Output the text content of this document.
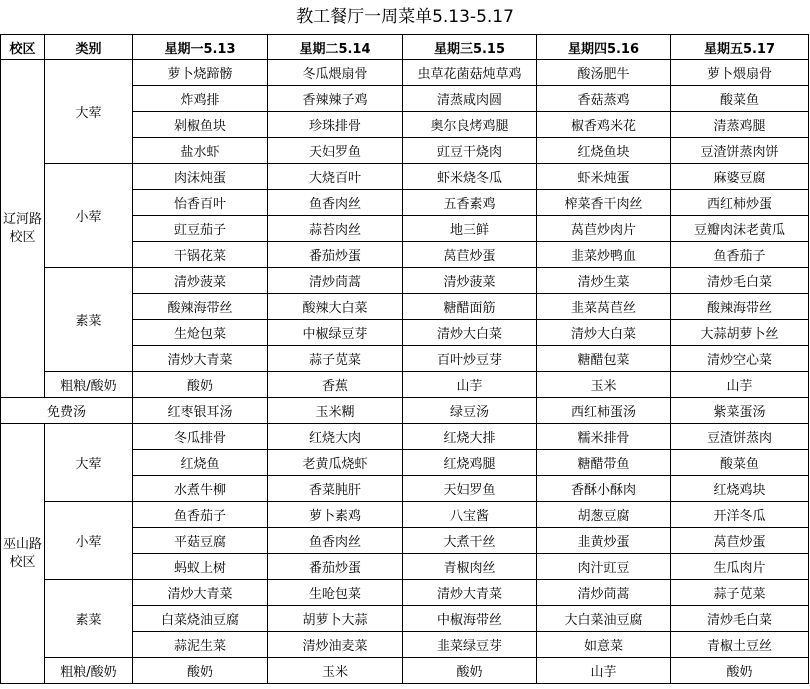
教工餐厅一周菜单5.13-5.17
校区	类别	星期一5.13	星期二5.14	星期三5.15	星期四5.16	星期五5.17
辽河路校区	大荤	萝卜烧蹄髈	冬瓜煨扇骨	虫草花菌菇炖草鸡	酸汤肥牛	萝卜煨扇骨
		炸鸡排	香辣辣子鸡	清蒸咸肉圆	香菇蒸鸡	酸菜鱼
		剁椒鱼块	珍珠排骨	奥尔良烤鸡腿	椒香鸡米花	清蒸鸡腿
		盐水虾	天妇罗鱼	豇豆干烧肉	红烧鱼块	豆渣饼蒸肉饼
	小荤	肉沫炖蛋	大烧百叶	虾米烧冬瓜	虾米炖蛋	麻婆豆腐
		怡香百叶	鱼香肉丝	五香素鸡	榨菜香干肉丝	西红柿炒蛋
		豇豆茄子	蒜苔肉丝	地三鲜	莴苣炒肉片	豆瓣肉沫老黄瓜
		干锅花菜	番茄炒蛋	莴苣炒蛋	韭菜炒鸭血	鱼香茄子
	素菜	清炒菠菜	清炒茼蒿	清炒菠菜	清炒生菜	清炒毛白菜
		酸辣海带丝	酸辣大白菜	糖醋面筋	韭菜莴苣丝	酸辣海带丝
		生炝包菜	中椒绿豆芽	清炒大白菜	清炒大白菜	大蒜胡萝卜丝
		清炒大青菜	蒜子苋菜	百叶炒豆芽	糖醋包菜	清炒空心菜
	粗粮/酸奶	酸奶	香蕉	山芋	玉米	山芋
免费汤		红枣银耳汤	玉米糊	绿豆汤	西红柿蛋汤	紫菜蛋汤
巫山路校区	大荤	冬瓜排骨	红烧大肉	红烧大排	糯米排骨	豆渣饼蒸肉
		红烧鱼	老黄瓜烧虾	红烧鸡腿	糖醋带鱼	酸菜鱼
		水煮牛柳	香菜肫肝	天妇罗鱼	香酥小酥肉	红烧鸡块
	小荤	鱼香茄子	萝卜素鸡	八宝酱	胡葱豆腐	开洋冬瓜
		平菇豆腐	鱼香肉丝	大煮干丝	韭黄炒蛋	莴苣炒蛋
		蚂蚁上树	番茄炒蛋	青椒肉丝	肉汁豇豆	生瓜肉片
	素菜	清炒大青菜	生呛包菜	清炒大青菜	清炒茼蒿	蒜子苋菜
		白菜烧油豆腐	胡萝卜大蒜	中椒海带丝	大白菜油豆腐	清炒毛白菜
		蒜泥生菜	清炒油麦菜	韭菜绿豆芽	如意菜	青椒土豆丝
	粗粮/酸奶	酸奶	玉米	酸奶	山芋	酸奶
